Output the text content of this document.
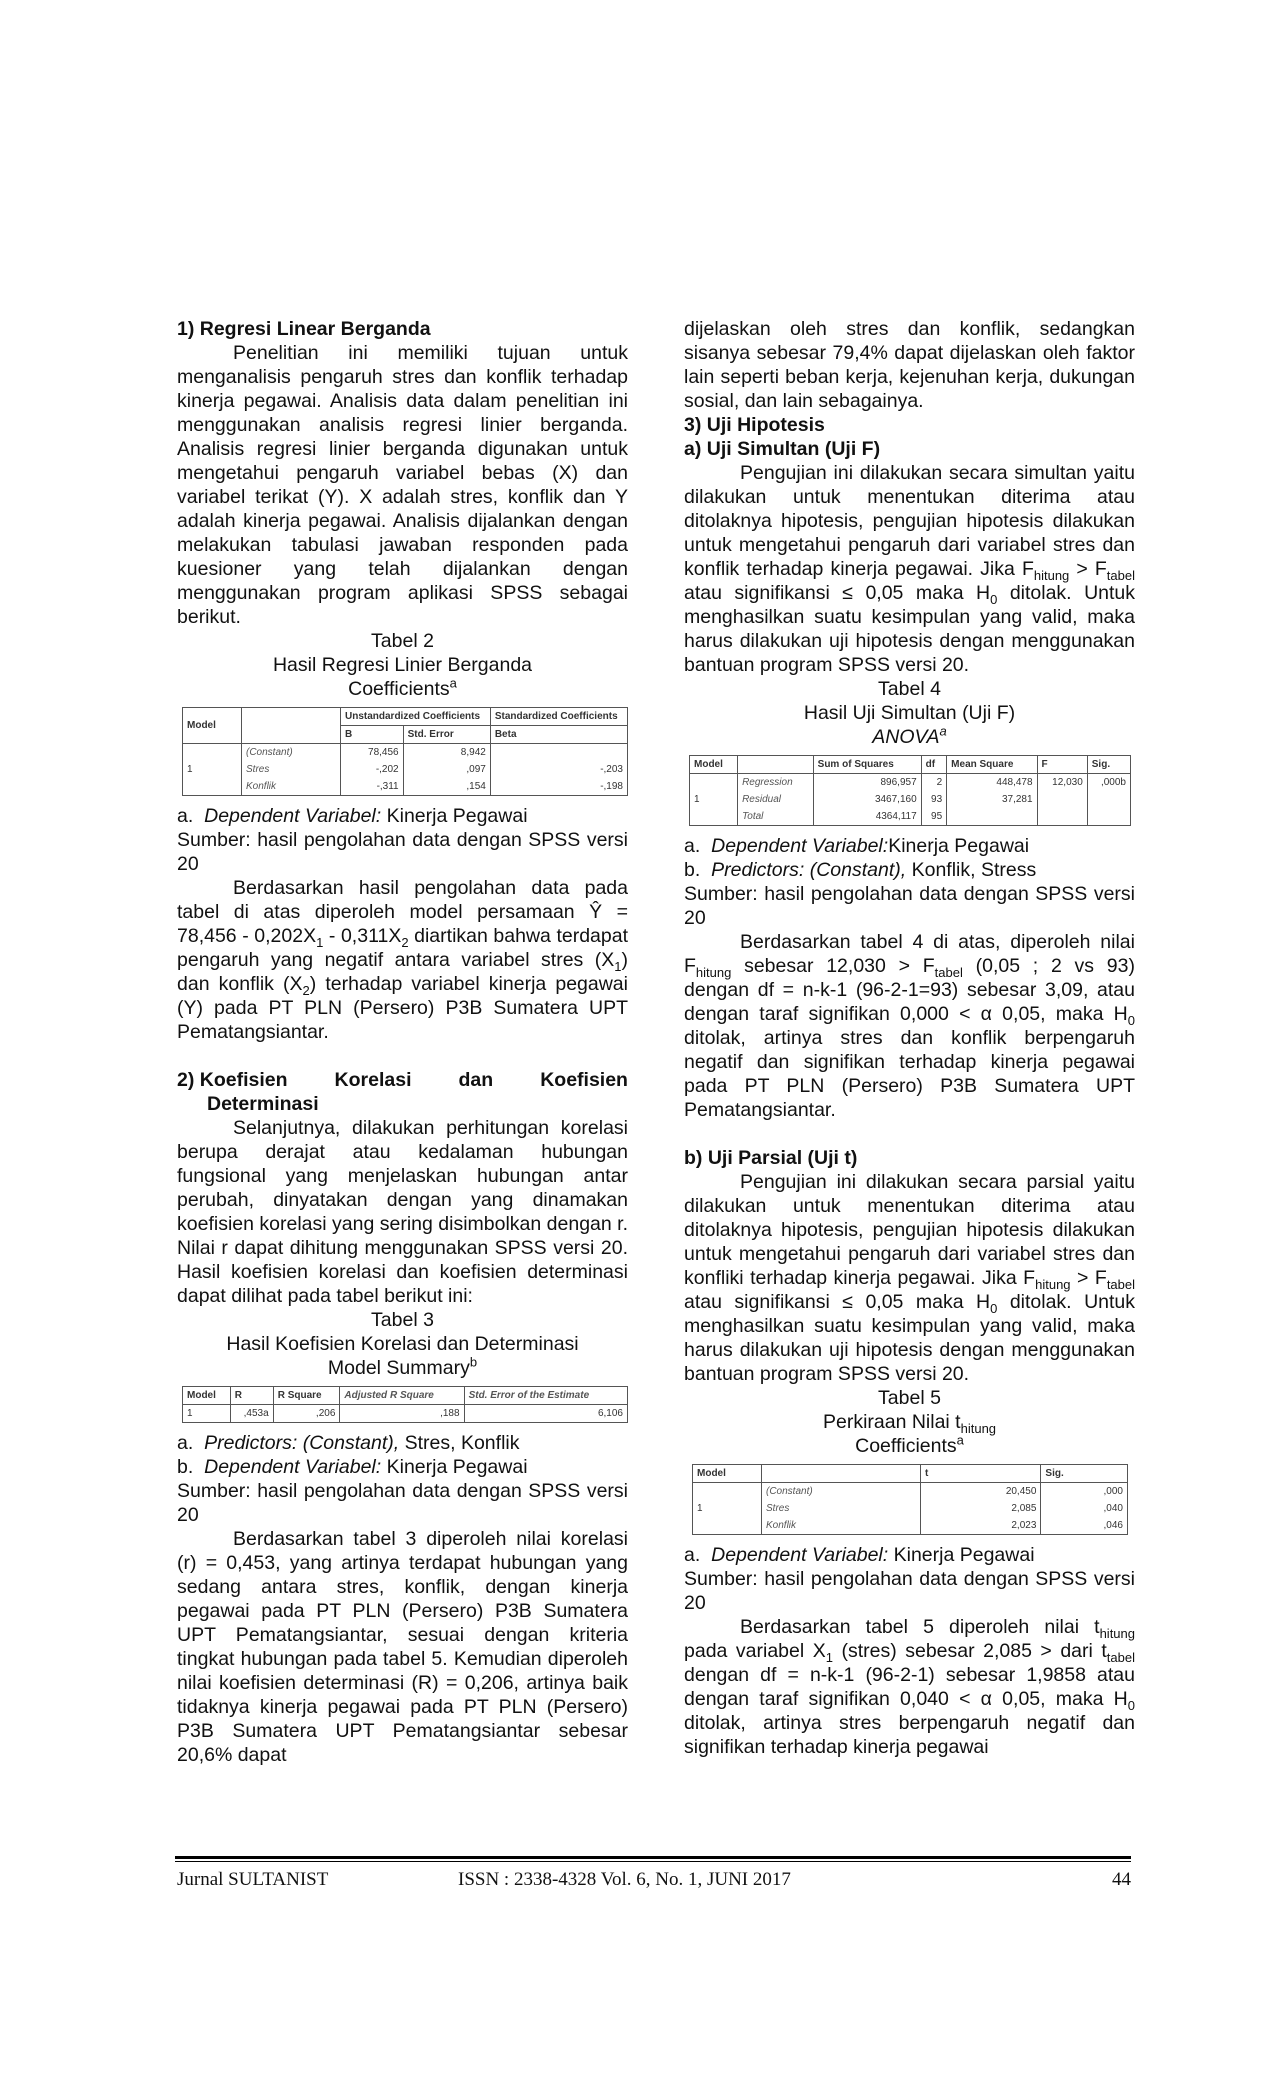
1) Regresi Linear Berganda

Penelitian ini memiliki tujuan untuk menganalisis pengaruh stres dan konflik terhadap kinerja pegawai. Analisis data dalam penelitian ini menggunakan analisis regresi linier berganda. Analisis regresi linier berganda digunakan untuk mengetahui pengaruh variabel bebas (X) dan variabel terikat (Y). X adalah stres, konflik dan Y adalah kinerja pegawai. Analisis dijalankan dengan melakukan tabulasi jawaban responden pada kuesioner yang telah dijalankan dengan menggunakan program aplikasi SPSS sebagai berikut.

Tabel 2

Hasil Regresi Linier Berganda

Coefficients$^a$

Model		Unstandardized Coefficients		Standardized Coefficients
		B	Std. Error	Beta
	(Constant)	78,456	8,942	
1	Stres	-,202	,097	-,203
	Konflik	-,311	,154	-,198

a. Dependent Variabel: Kinerja Pegawai

Sumber: hasil pengolahan data dengan SPSS versi 20

Berdasarkan hasil pengolahan data pada tabel di atas diperoleh model persamaan Ŷ = $78,456 - 0,202X_1 - 0,311X_2$ diartikan bahwa terdapat pengaruh yang negatif antara variabel stres $(X_1)$ dan konflik $(X_2)$ terhadap variabel kinerja pegawai (Y) pada PT PLN (Persero) P3B Sumatera UPT Pematangsiantar.

2) Koefisien Korelasi dan Koefisien

Determinasi

Selanjutnya, dilakukan perhitungan korelasi berupa derajat atau kedalaman hubungan fungsional yang menjelaskan hubungan antar perubah, dinyatakan dengan yang dinamakan koefisien korelasi yang sering disimbolkan dengan r. Nilai r dapat dihitung menggunakan SPSS versi 20. Hasil koefisien korelasi dan koefisien determinasi dapat dilihat pada tabel berikut ini:

Tabel 3

Hasil Koefisien Korelasi dan Determinasi

Model Summary$^b$

Model	R	R Square	Adjusted R Square	Std. Error of the Estimate
1	,453a	,206	,188	6,106

a. Predictors: (Constant), Stres, Konflik

b. Dependent Variabel: Kinerja Pegawai

Sumber: hasil pengolahan data dengan SPSS versi 20

Berdasarkan tabel 3 diperoleh nilai korelasi (r) = 0,453, yang artinya terdapat hubungan yang sedang antara stres, konflik, dengan kinerja pegawai pada PT PLN (Persero) P3B Sumatera UPT Pematangsiantar, sesuai dengan kriteria tingkat hubungan pada tabel 5. Kemudian diperoleh nilai koefisien determinasi (R) = 0,206, artinya baik tidaknya kinerja pegawai pada PT PLN (Persero) P3B Sumatera UPT Pematangsiantar sebesar 20,6% dapat

dijelaskan oleh stres dan konflik, sedangkan sisanya sebesar 79,4% dapat dijelaskan oleh faktor lain seperti beban kerja, kejenuhan kerja, dukungan sosial, dan lain sebagainya.

3) Uji Hipotesis

a) Uji Simultan (Uji F)

Pengujian ini dilakukan secara simultan yaitu dilakukan untuk menentukan diterima atau ditolaknya hipotesis, pengujian hipotesis dilakukan untuk mengetahui pengaruh dari variabel stres dan konflik terhadap kinerja pegawai. Jika $F_{hitung} > F_{tabel}$ atau signifikansi ≤ 0,05 maka $H_0$ ditolak. Untuk menghasilkan suatu kesimpulan yang valid, maka harus dilakukan uji hipotesis dengan menggunakan bantuan program SPSS versi 20.

Tabel 4

Hasil Uji Simultan (Uji F)

ANOVA$^a$

Model		Sum of Squares	df	Mean Square	F	Sig.
	Regression	896,957	2	448,478	12,030	,000b
1	Residual	3467,160	93	37,281		
	Total	4364,117	95			

a. Dependent Variabel:Kinerja Pegawai

b. Predictors: (Constant), Konflik, Stress

Sumber: hasil pengolahan data dengan SPSS versi 20

Berdasarkan tabel 4 di atas, diperoleh nilai $F_{hitung}$ sebesar $12,030 > F_{tabel}$ (0,05 ; 2 vs 93) dengan df = n-k-1 (96-2-1=93) sebesar 3,09, atau dengan taraf signifikan 0,000 < α 0,05, maka $H_0$ ditolak, artinya stres dan konflik berpengaruh negatif dan signifikan terhadap kinerja pegawai pada PT PLN (Persero) P3B Sumatera UPT Pematangsiantar.

b) Uji Parsial (Uji t)

Pengujian ini dilakukan secara parsial yaitu dilakukan untuk menentukan diterima atau ditolaknya hipotesis, pengujian hipotesis dilakukan untuk mengetahui pengaruh dari variabel stres dan konfliki terhadap kinerja pegawai. Jika $F_{hitung} > F_{tabel}$ atau signifikansi ≤ 0,05 maka $H_0$ ditolak. Untuk menghasilkan suatu kesimpulan yang valid, maka harus dilakukan uji hipotesis dengan menggunakan bantuan program SPSS versi 20.

Tabel 5

Perkiraan Nilai $t_{hitung}$

Coefficients$^a$

Model		t	Sig.
	(Constant)	20,450	,000
1	Stres	2,085	,040
	Konflik	2,023	,046

a. Dependent Variabel: Kinerja Pegawai

Sumber: hasil pengolahan data dengan SPSS versi 20

Berdasarkan tabel 5 diperoleh nilai $t_{hitung}$ pada variabel $X_1$ (stres) sebesar 2,085 > dari $t_{tabel}$ dengan df = n-k-1 (96-2-1) sebesar 1,9858 atau dengan taraf signifikan 0,040 < α 0,05, maka $H_0$ ditolak, artinya stres berpengaruh negatif dan signifikan terhadap kinerja pegawai

Jurnal SULTANIST	ISSN : 2338-4328 Vol. 6, No. 1, JUNI 2017	44
